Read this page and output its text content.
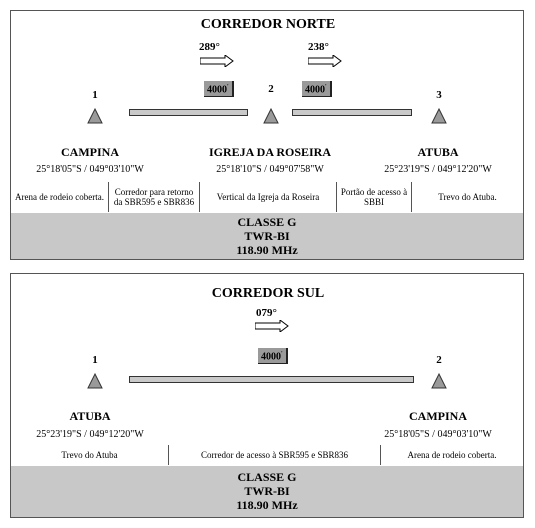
CORREDOR NORTE
289°
4000'
238°
4000'
1	2	3
CAMPINA
25°18'05"S / 049°03'10"W
IGREJA DA ROSEIRA
25°18'10"S / 049°07'58"W
ATUBA
25°23'19"S / 049°12'20"W
Arena de rodeio coberta.	Corredor para retorno da SBR595 e SBR836	Vertical da Igreja da Roseira	Portão de acesso à SBBI	Trevo do Atuba.
CLASSE G
TWR-BI
118.90 MHz
CORREDOR SUL
079°
4000'
1	2
ATUBA
25°23'19"S / 049°12'20"W
CAMPINA
25°18'05"S / 049°03'10"W
Trevo do Atuba	Corredor de acesso à SBR595 e SBR836	Arena de rodeio coberta.
CLASSE G
TWR-BI
118.90 MHz
